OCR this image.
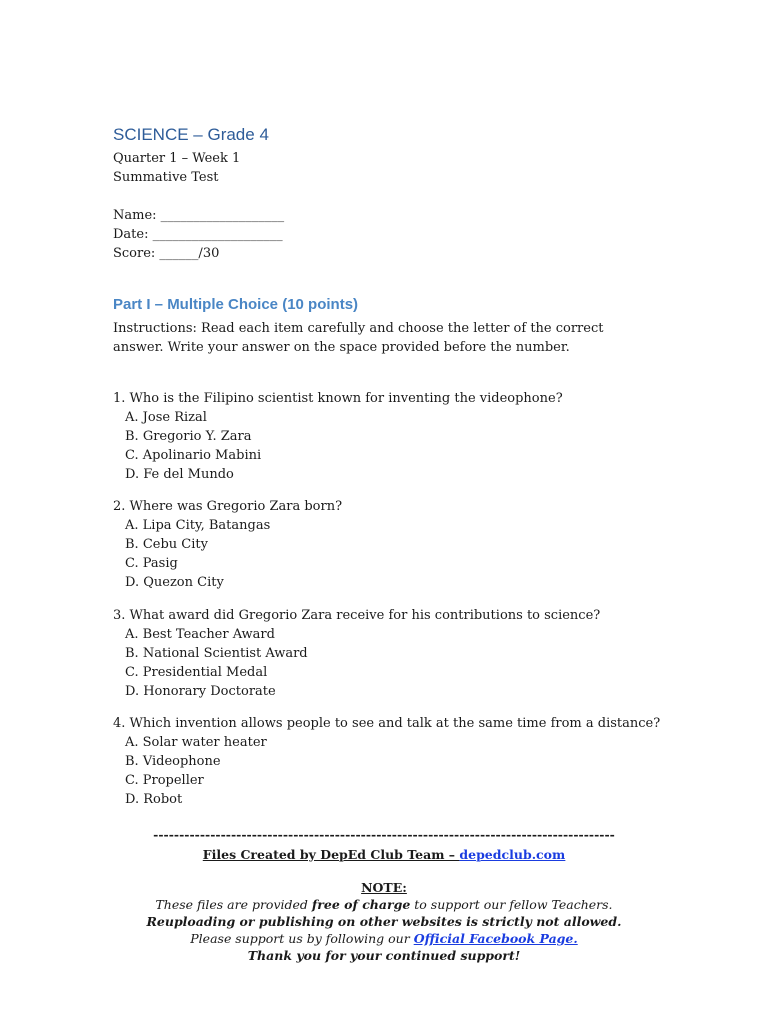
SCIENCE – Grade 4
Quarter 1 – Week 1
Summative Test
Name: ___________________
Date: ____________________
Score: ______/30
Part I – Multiple Choice (10 points)
Instructions: Read each item carefully and choose the letter of the correct answer. Write your answer on the space provided before the number.
1. Who is the Filipino scientist known for inventing the videophone?
A. Jose Rizal
B. Gregorio Y. Zara
C. Apolinario Mabini
D. Fe del Mundo
2. Where was Gregorio Zara born?
A. Lipa City, Batangas
B. Cebu City
C. Pasig
D. Quezon City
3. What award did Gregorio Zara receive for his contributions to science?
A. Best Teacher Award
B. National Scientist Award
C. Presidential Medal
D. Honorary Doctorate
4. Which invention allows people to see and talk at the same time from a distance?
A. Solar water heater
B. Videophone
C. Propeller
D. Robot
-----------------------------------------------------------------------------------------
Files Created by DepEd Club Team – depedclub.com
NOTE:
These files are provided free of charge to support our fellow Teachers.
Reuploading or publishing on other websites is strictly not allowed.
Please support us by following our Official Facebook Page.
Thank you for your continued support!
